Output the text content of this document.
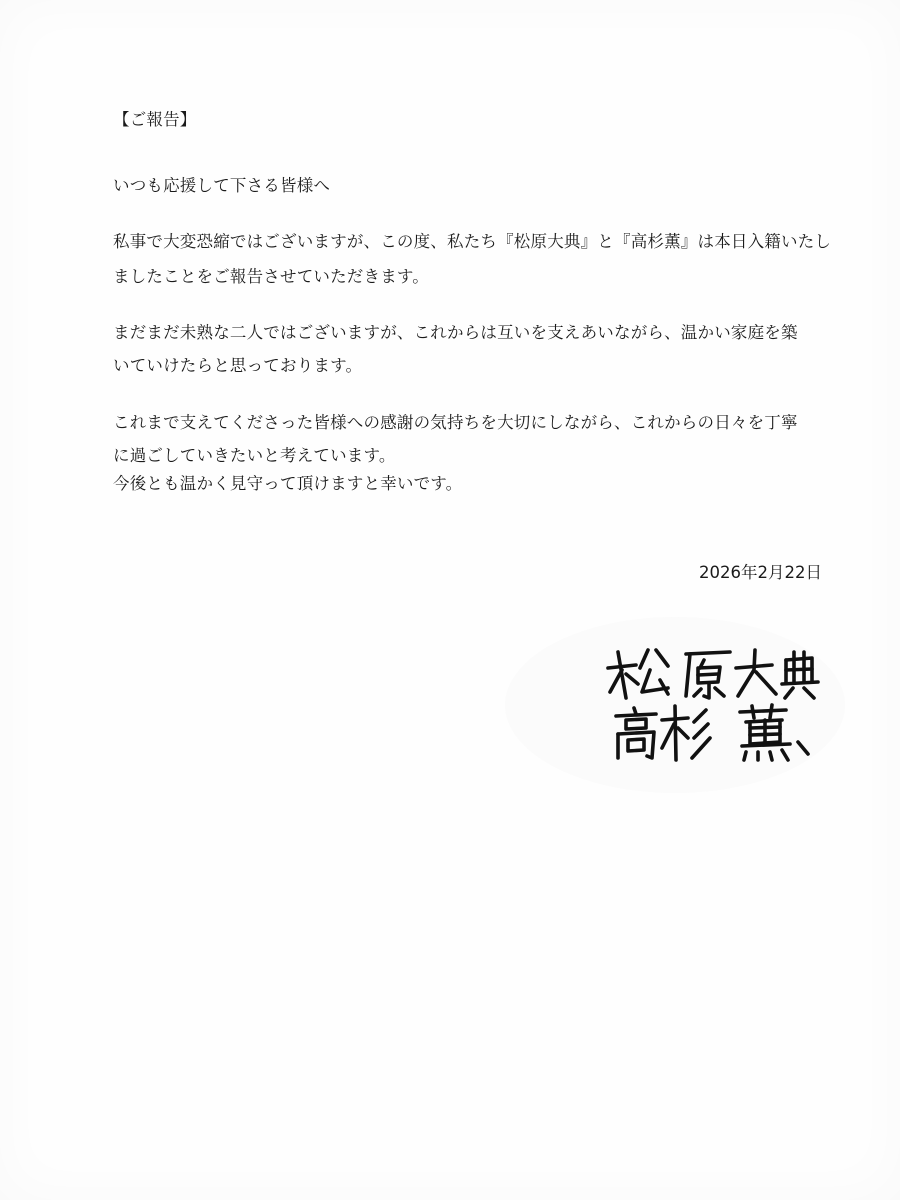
【ご報告】
いつも応援して下さる皆様へ
私事で大変恐縮ではございますが、この度、私たち『松原大典』と『高杉薫』は本日入籍いたし
ましたことをご報告させていただきます。
まだまだ未熟な二人ではございますが、これからは互いを支えあいながら、温かい家庭を築
いていけたらと思っております。
これまで支えてくださった皆様への感謝の気持ちを大切にしながら、これからの日々を丁寧
に過ごしていきたいと考えています。
今後とも温かく見守って頂けますと幸いです。
2026年2月22日
